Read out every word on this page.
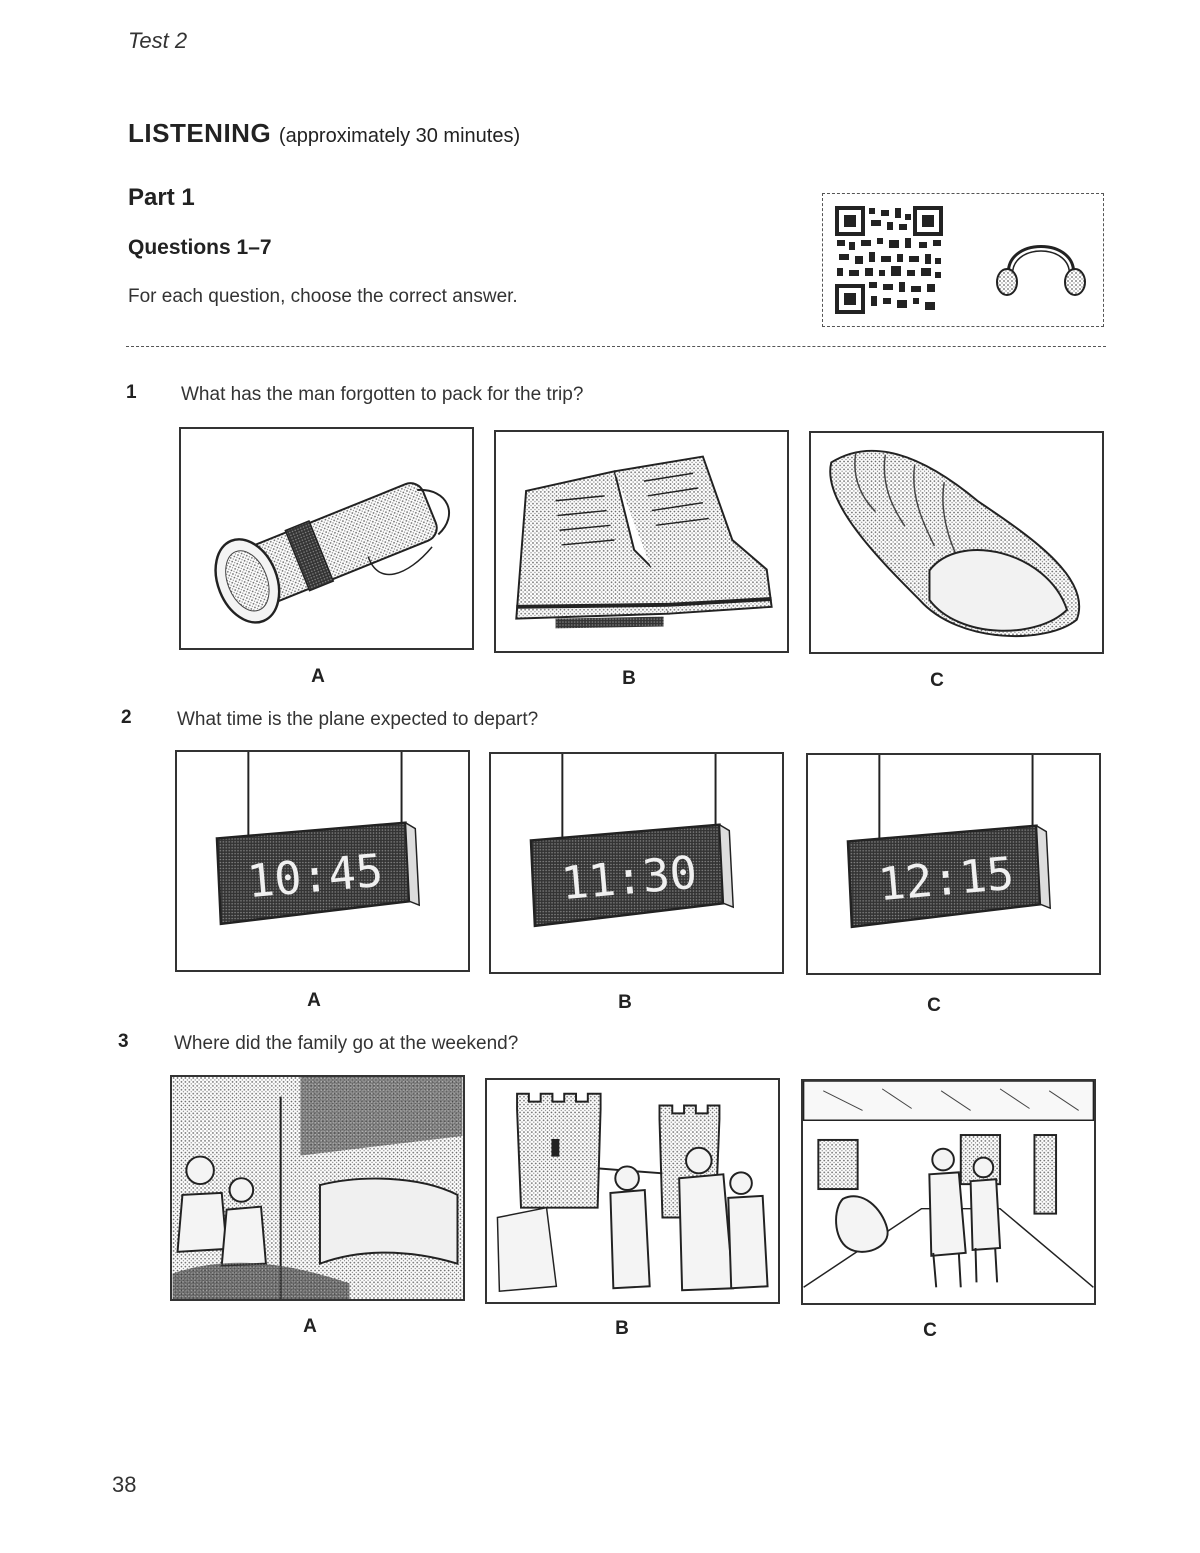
Test 2
LISTENING (approximately 30 minutes)
Part 1
Questions 1–7
For each question, choose the correct answer.
1 What has the man forgotten to pack for the trip?
A	B	C
2 What time is the plane expected to depart?
10:45	11:30	12:15
A	B	C
3 Where did the family go at the weekend?
A	B	C
38
